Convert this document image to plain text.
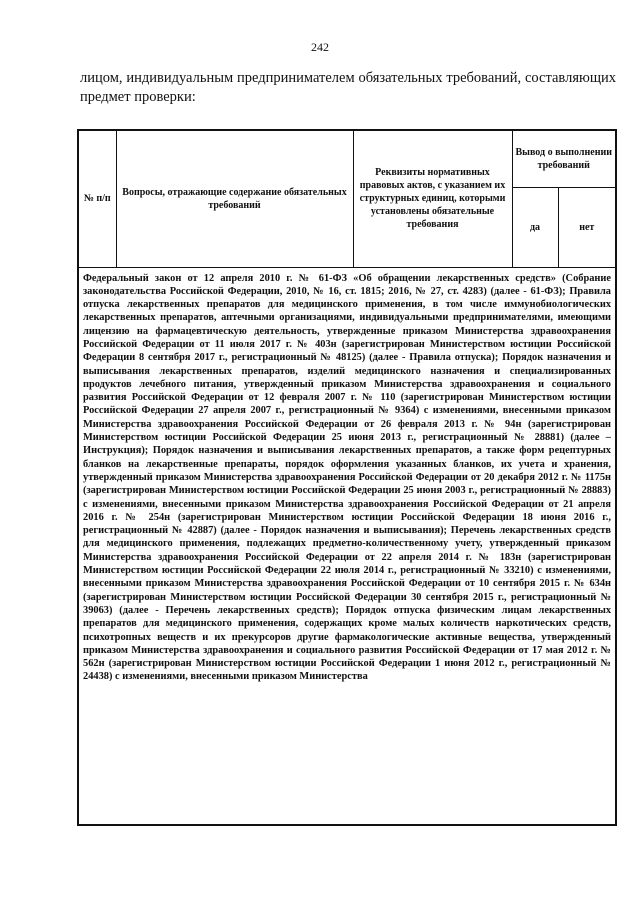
242
лицом, индивидуальным предпринимателем обязательных требований, составляющих предмет проверки:
№ п/п	Вопросы, отражающие содержание обязательных требований	Реквизиты нормативных правовых актов, с указанием их структурных единиц, которыми установлены обязательные требования	Вывод о выполнении требований	
			да	нет

Федеральный закон от 12 апреля 2010 г. № 61-ФЗ «Об обращении лекарственных средств» (Собрание законодательства Российской Федерации, 2010, № 16, ст. 1815; 2016, № 27, ст. 4283) (далее - 61-ФЗ); Правила отпуска лекарственных препаратов для медицинского применения, в том числе иммунобиологических лекарственных препаратов, аптечными организациями, индивидуальными предпринимателями, имеющими лицензию на фармацевтическую деятельность, утвержденные приказом Министерства здравоохранения Российской Федерации от 11 июля 2017 г. № 403н (зарегистрирован Министерством юстиции Российской Федерации 8 сентября 2017 г., регистрационный № 48125) (далее - Правила отпуска); Порядок назначения и выписывания лекарственных препаратов, изделий медицинского назначения и специализированных продуктов лечебного питания, утвержденный приказом Министерства здравоохранения и социального развития Российской Федерации от 12 февраля 2007 г. № 110 (зарегистрирован Министерством юстиции Российской Федерации 27 апреля 2007 г., регистрационный № 9364) с изменениями, внесенными приказом Министерства здравоохранения Российской Федерации от 26 февраля 2013 г. № 94н (зарегистрирован Министерством юстиции Российской Федерации 25 июня 2013 г., регистрационный № 28881) (далее – Инструкция); Порядок назначения и выписывания лекарственных препаратов, а также форм рецептурных бланков на лекарственные препараты, порядок оформления указанных бланков, их учета и хранения, утвержденный приказом Министерства здравоохранения Российской Федерации от 20 декабря 2012 г. № 1175н (зарегистрирован Министерством юстиции Российской Федерации 25 июня 2003 г., регистрационный № 28883) с изменениями, внесенными приказом Министерства здравоохранения Российской Федерации от 21 апреля 2016 г. № 254н (зарегистрирован Министерством юстиции Российской Федерации 18 июня 2016 г., регистрационный № 42887) (далее - Порядок назначения и выписывания); Перечень лекарственных средств для медицинского применения, подлежащих предметно-количественному учету, утвержденный приказом Министерства здравоохранения Российской Федерации от 22 апреля 2014 г. № 183н (зарегистрирован Министерством юстиции Российской Федерации 22 июля 2014 г., регистрационный № 33210) с изменениями, внесенными приказом Министерства здравоохранения Российской Федерации от 10 сентября 2015 г. № 634н (зарегистрирован Министерством юстиции Российской Федерации 30 сентября 2015 г., регистрационный № 39063) (далее - Перечень лекарственных средств); Порядок отпуска физическим лицам лекарственных препаратов для медицинского применения, содержащих кроме малых количеств наркотических средств, психотропных веществ и их прекурсоров другие фармакологические активные вещества, утвержденный приказом Министерства здравоохранения и социального развития Российской Федерации от 17 мая 2012 г. № 562н (зарегистрирован Министерством юстиции Российской Федерации 1 июня 2012 г., регистрационный № 24438) с изменениями, внесенными приказом Министерства				
